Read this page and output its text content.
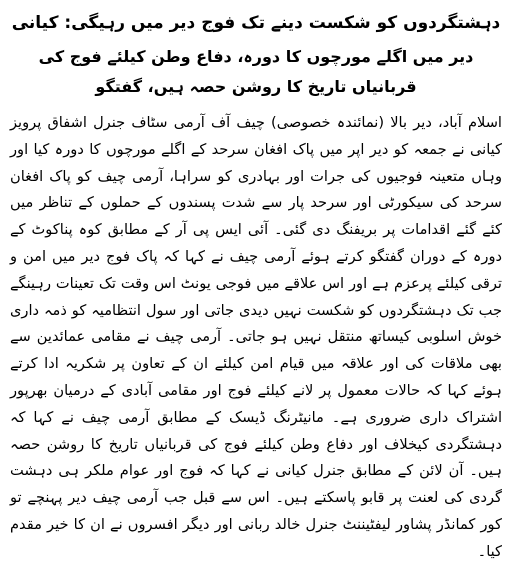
دہشتگردوں کو شکست دینے تک فوج دیر میں رہیگی: کیانی
دیر میں اگلے مورچوں کا دورہ، دفاع وطن کیلئے فوج کی قربانیاں تاریخ کا روشن حصہ ہیں، گفتگو

اسلام آباد، دیر بالا (نمائندہ خصوصی) چیف آف آرمی سٹاف جنرل اشفاق پرویز کیانی نے جمعہ کو دیر اپر میں پاک افغان سرحد کے اگلے مورچوں کا دورہ کیا اور وہاں متعینہ فوجیوں کی جرات اور بہادری کو سراہا، آرمی چیف کو پاک افغان سرحد کی سیکورٹی اور سرحد پار سے شدت پسندوں کے حملوں کے تناظر میں کئے گئے اقدامات پر بریفنگ دی گئی۔ آئی ایس پی آر کے مطابق کوہ پناکوٹ کے دورہ کے دوران گفتگو کرتے ہوئے آرمی چیف نے کہا کہ پاک فوج دیر میں امن و ترقی کیلئے پرعزم ہے اور اس علاقے میں فوجی یونٹ اس وقت تک تعینات رہینگے جب تک دہشتگردوں کو شکست نہیں دیدی جاتی اور سول انتظامیہ کو ذمہ داری خوش اسلوبی کیساتھ منتقل نہیں ہو جاتی۔ آرمی چیف نے مقامی عمائدین سے بھی ملاقات کی اور علاقہ میں قیام امن کیلئے ان کے تعاون پر شکریہ ادا کرتے ہوئے کہا کہ حالات معمول پر لانے کیلئے فوج اور مقامی آبادی کے درمیان بھرپور اشتراک داری ضروری ہے۔ مانیٹرنگ ڈیسک کے مطابق آرمی چیف نے کہا کہ دہشتگردی کیخلاف اور دفاع وطن کیلئے فوج کی قربانیاں تاریخ کا روشن حصہ ہیں۔ آن لائن کے مطابق جنرل کیانی نے کہا کہ فوج اور عوام ملکر ہی دہشت گردی کی لعنت پر قابو پاسکتے ہیں۔ اس سے قبل جب آرمی چیف دیر پہنچے تو کور کمانڈر پشاور لیفٹیننٹ جنرل خالد ربانی اور دیگر افسروں نے ان کا خیر مقدم کیا۔
